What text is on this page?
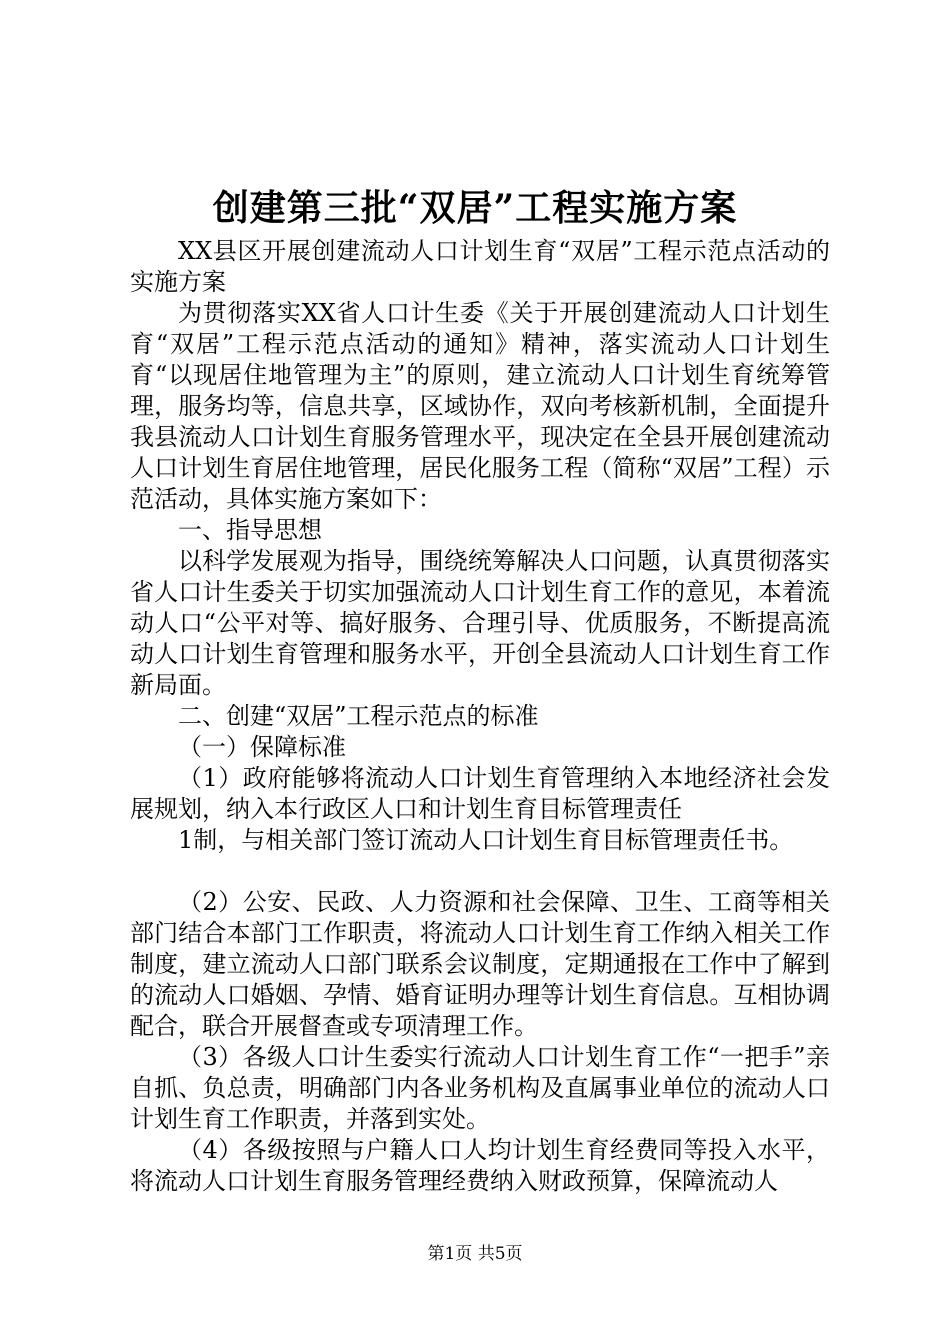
创建第三批“双居”工程实施方案

XX县区开展创建流动人口计划生育“双居”工程示范点活动的实施方案

为贯彻落实XX省人口计生委《关于开展创建流动人口计划生育“双居”工程示范点活动的通知》精神，落实流动人口计划生育“以现居住地管理为主”的原则，建立流动人口计划生育统筹管理，服务均等，信息共享，区域协作，双向考核新机制，全面提升我县流动人口计划生育服务管理水平，现决定在全县开展创建流动人口计划生育居住地管理，居民化服务工程（简称“双居”工程）示范活动，具体实施方案如下：

一、指导思想

以科学发展观为指导，围绕统筹解决人口问题，认真贯彻落实省人口计生委关于切实加强流动人口计划生育工作的意见，本着流动人口“公平对等、搞好服务、合理引导、优质服务，不断提高流动人口计划生育管理和服务水平，开创全县流动人口计划生育工作新局面。

二、创建“双居”工程示范点的标准

（一）保障标准

（1）政府能够将流动人口计划生育管理纳入本地经济社会发展规划，纳入本行政区人口和计划生育目标管理责任

1制，与相关部门签订流动人口计划生育目标管理责任书。

（2）公安、民政、人力资源和社会保障、卫生、工商等相关部门结合本部门工作职责，将流动人口计划生育工作纳入相关工作制度，建立流动人口部门联系会议制度，定期通报在工作中了解到的流动人口婚姻、孕情、婚育证明办理等计划生育信息。互相协调配合，联合开展督查或专项清理工作。

（3）各级人口计生委实行流动人口计划生育工作“一把手”亲自抓、负总责，明确部门内各业务机构及直属事业单位的流动人口计划生育工作职责，并落到实处。

（4）各级按照与户籍人口人均计划生育经费同等投入水平，将流动人口计划生育服务管理经费纳入财政预算，保障流动人

第1页 共5页
